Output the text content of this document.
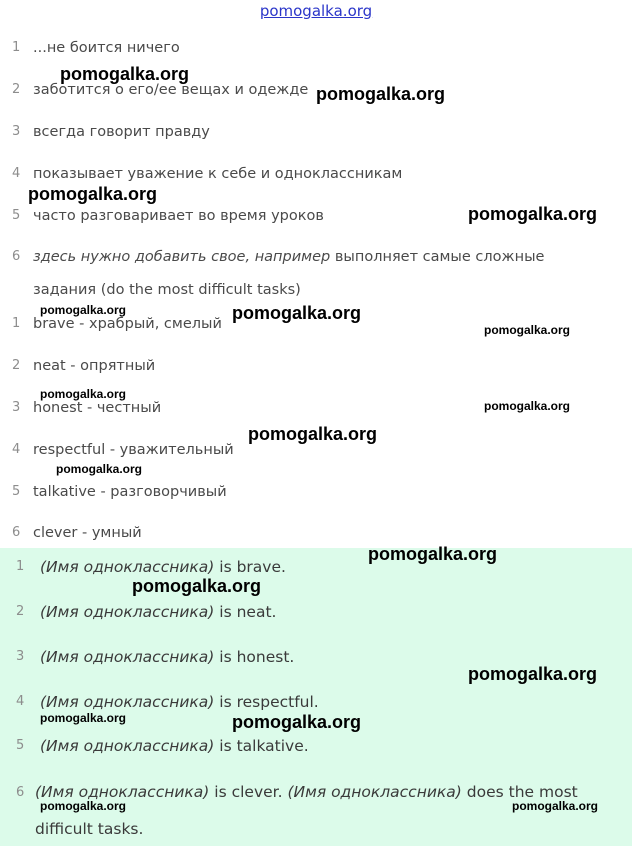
pomogalka.org
1 ...не боится ничего
2 заботится о его/ее вещах и одежде
3 всегда говорит правду
4 показывает уважение к себе и одноклассникам
5 часто разговаривает во время уроков
6 здесь нужно добавить свое, например выполняет самые сложные задания (do the most difficult tasks)
1 brave - храбрый, смелый
2 neat - опрятный
3 honest - честный
4 respectful - уважительный
5 talkative - разговорчивый
6 clever - умный
1	(Имя одноклассника) is brave.
2	(Имя одноклассника) is neat.
3	(Имя одноклассника) is honest.
4	(Имя одноклассника) is respectful.
5	(Имя одноклассника) is talkative.
6 (Имя одноклассника) is clever. (Имя одноклассника) does the most difficult tasks.
pomogalka.org
pomogalka.org
pomogalka.org
pomogalka.org
pomogalka.org	pomogalka.org
pomogalka.org
pomogalka.org
pomogalka.org
pomogalka.org
pomogalka.org
pomogalka.org
pomogalka.org
pomogalka.org
pomogalka.org	pomogalka.org
pomogalka.org	pomogalka.org
